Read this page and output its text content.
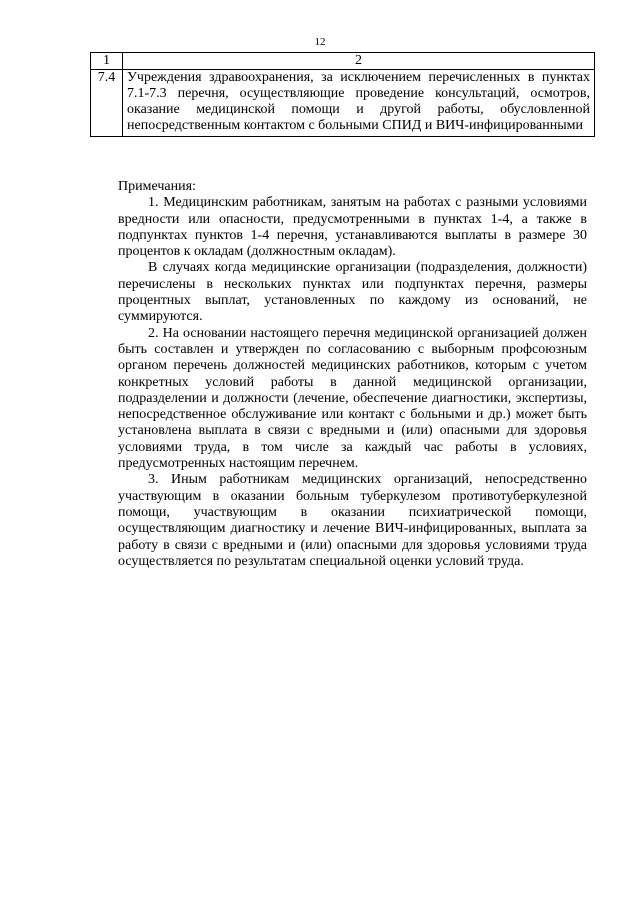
12
1	2
7.4	Учреждения здравоохранения, за исключением перечисленных в пунктах 7.1-7.3 перечня, осуществляющие проведение консультаций, осмотров, оказание медицинской помощи и другой работы, обусловленной непосредственным контактом с больными СПИД и ВИЧ-инфицированными

Примечания:

1. Медицинским работникам, занятым на работах с разными условиями вредности или опасности, предусмотренными в пунктах 1-4, а также в подпунктах пунктов 1-4 перечня, устанавливаются выплаты в размере 30 процентов к окладам (должностным окладам).

В случаях когда медицинские организации (подразделения, должности) перечислены в нескольких пунктах или подпунктах перечня, размеры процентных выплат, установленных по каждому из оснований, не суммируются.

2. На основании настоящего перечня медицинской организацией должен быть составлен и утвержден по согласованию с выборным профсоюзным органом перечень должностей медицинских работников, которым с учетом конкретных условий работы в данной медицинской организации, подразделении и должности (лечение, обеспечение диагностики, экспертизы, непосредственное обслуживание или контакт с больными и др.) может быть установлена выплата в связи с вредными и (или) опасными для здоровья условиями труда, в том числе за каждый час работы в условиях, предусмотренных настоящим перечнем.

3. Иным работникам медицинских организаций, непосредственно участвующим в оказании больным туберкулезом противотуберкулезной помощи, участвующим в оказании психиатрической помощи, осуществляющим диагностику и лечение ВИЧ-инфицированных, выплата за работу в связи с вредными и (или) опасными для здоровья условиями труда осуществляется по результатам специальной оценки условий труда.
